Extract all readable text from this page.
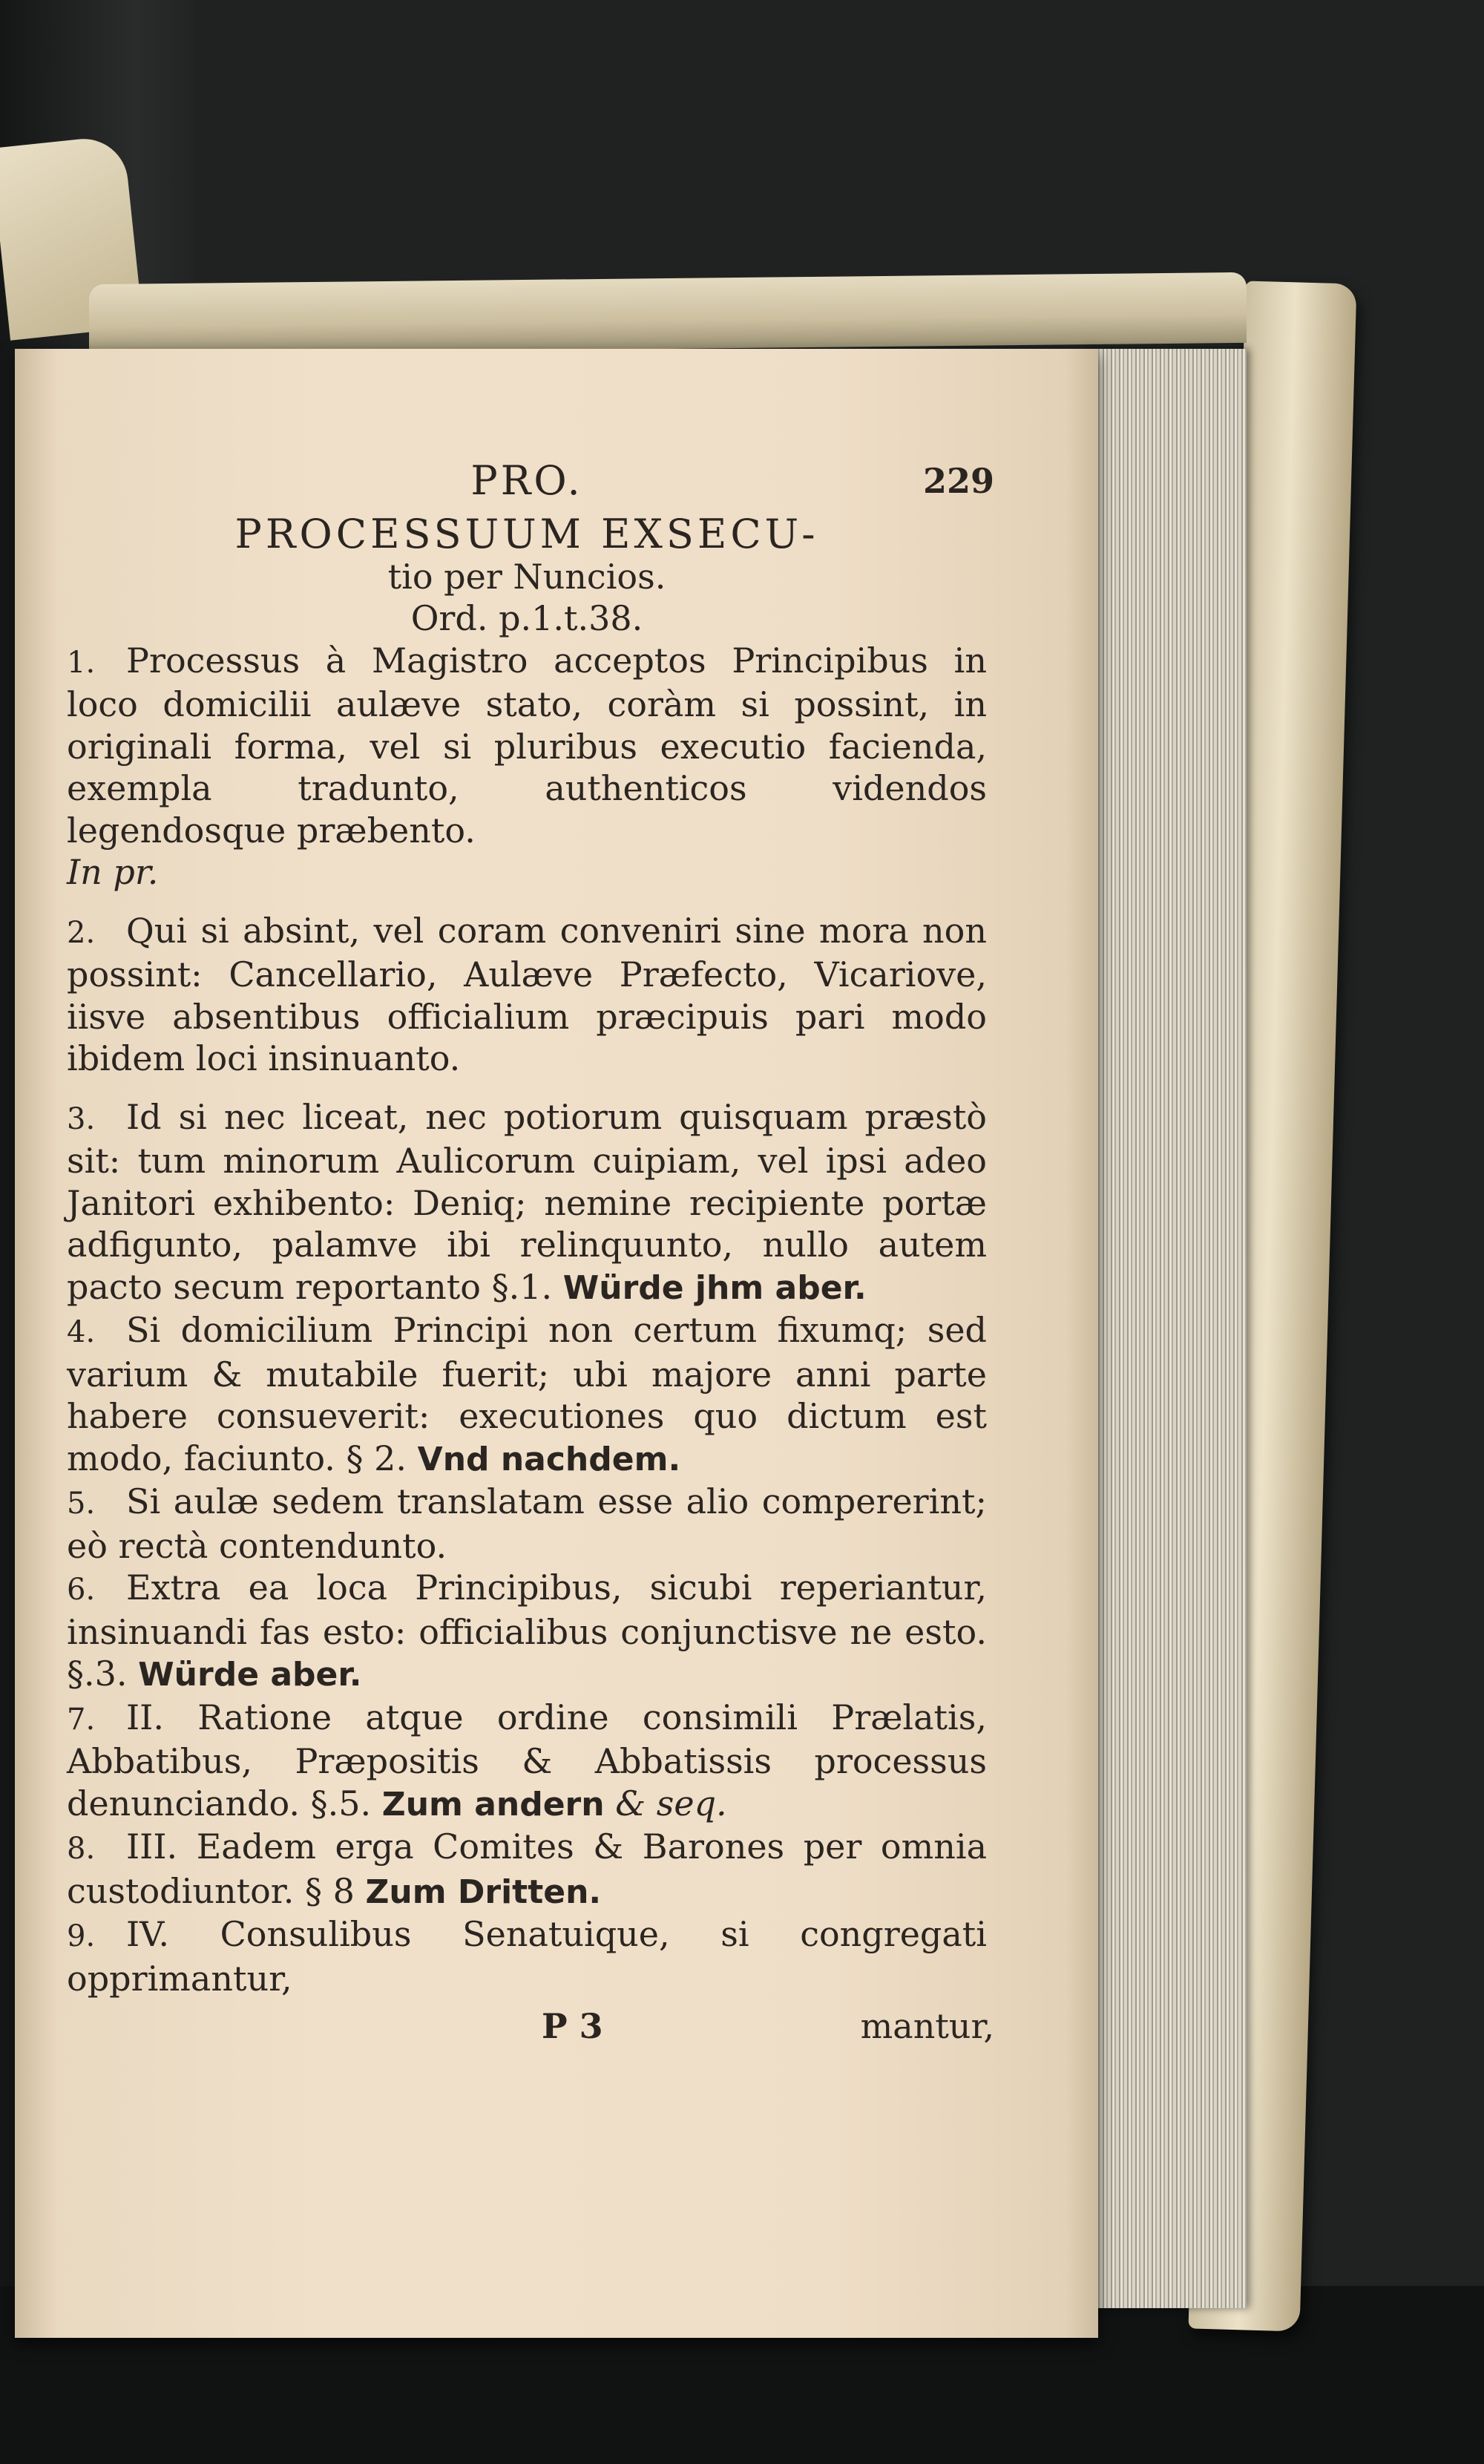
PRO.	229
PROCESSUUM EXSECU-
tio per Nuncios.
Ord. p.1.t.38.
1. Processus à Magistro acceptos Principibus in loco domicilii aulæve stato, coràm si possint, in originali forma, vel si pluribus executio facienda, exempla tradunto, authenticos videndos legendosque præbento.
In pr.
2. Qui si absint, vel coram conveniri sine mora non possint: Cancellario, Aulæve Præfecto, Vicariove, iisve absentibus officialium præcipuis pari modo ibidem loci insinuanto.
3. Id si nec liceat, nec potiorum quisquam præstò sit: tum minorum Aulicorum cuipiam, vel ipsi adeo Janitori exhibento: Deniq; nemine recipiente portæ adfigunto, palamve ibi relinquunto, nullo autem pacto secum reportanto §.1. Würde jhm aber.
4. Si domicilium Principi non certum fixumq; sed varium & mutabile fuerit; ubi majore anni parte habere consueverit: executiones quo dictum est modo, faciunto. § 2. Vnd nachdem.
5. Si aulæ sedem translatam esse alio compererint; eò rectà contendunto.
6. Extra ea loca Principibus, sicubi reperiantur, insinuandi fas esto: officialibus conjunctisve ne esto. §.3. Würde aber.
7. II. Ratione atque ordine consimili Prælatis, Abbatibus, Præpositis & Abbatissis processus denunciando. §.5. Zum andern & seq.
8. III. Eadem erga Comites & Barones per omnia custodiuntor. § 8 Zum Dritten.
9. IV. Consulibus Senatuique, si congregati opprimantur,
P 3	mantur,
